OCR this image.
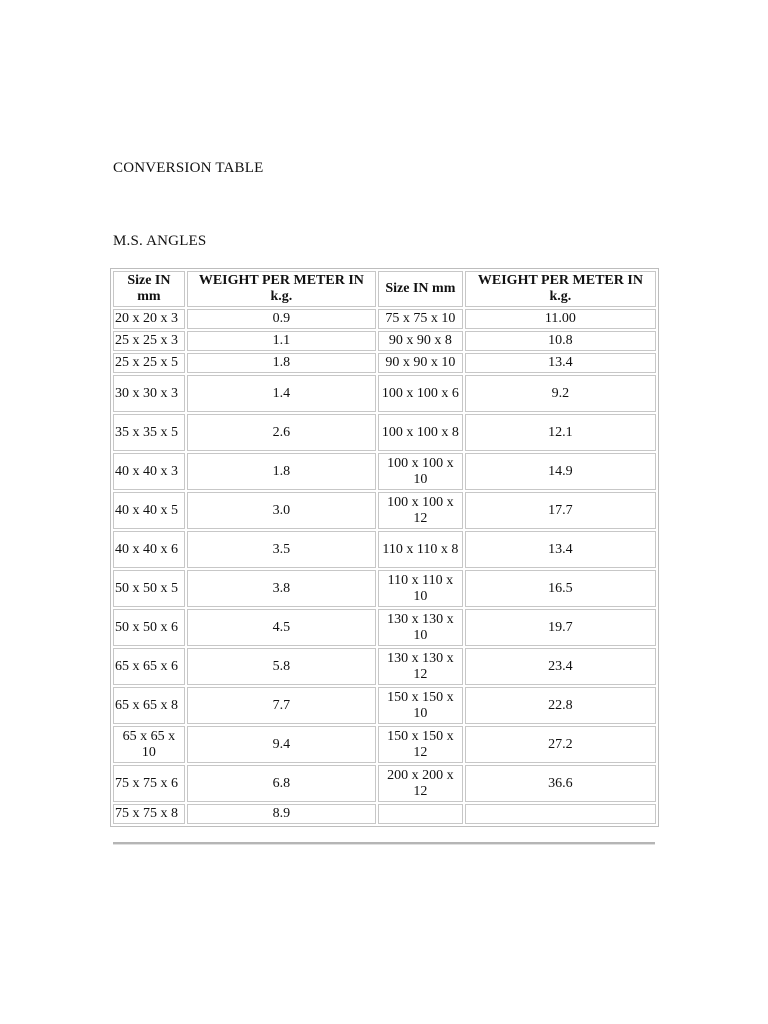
CONVERSION TABLE
M.S. ANGLES
Size IN mm	WEIGHT PER METER IN k.g.	Size IN mm	WEIGHT PER METER IN k.g.
20 x 20 x 3	0.9	75 x 75 x 10	11.00
25 x 25 x 3	1.1	90 x 90 x 8	10.8
25 x 25 x 5	1.8	90 x 90 x 10	13.4
30 x 30 x 3	1.4	100 x 100 x 6	9.2
35 x 35 x 5	2.6	100 x 100 x 8	12.1
40 x 40 x 3	1.8	100 x 100 x 10	14.9
40 x 40 x 5	3.0	100 x 100 x 12	17.7
40 x 40 x 6	3.5	110 x 110 x 8	13.4
50 x 50 x 5	3.8	110 x 110 x 10	16.5
50 x 50 x 6	4.5	130 x 130 x 10	19.7
65 x 65 x 6	5.8	130 x 130 x 12	23.4
65 x 65 x 8	7.7	150 x 150 x 10	22.8
65 x 65 x 10	9.4	150 x 150 x 12	27.2
75 x 75 x 6	6.8	200 x 200 x 12	36.6
75 x 75 x 8	8.9		
